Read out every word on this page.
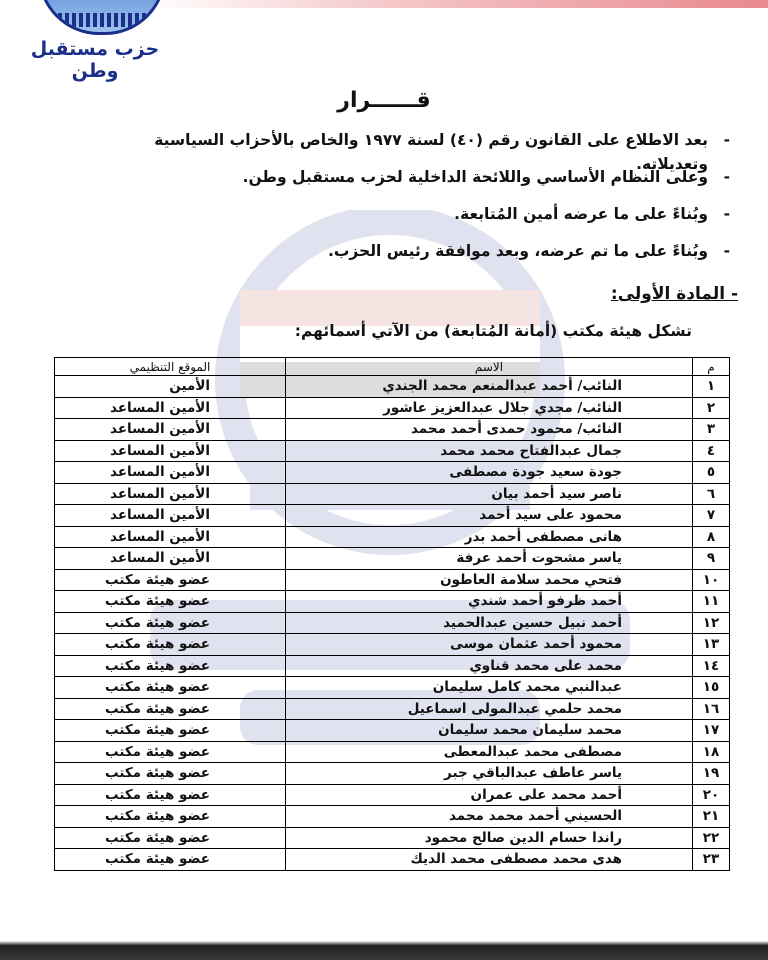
حزب مستقبل وطن
قــــــرار
-
بعد الاطلاع على القانون رقم (٤٠) لسنة ١٩٧٧ والخاص بالأحزاب السياسية وتعديلاته.
-
وعلى النظام الأساسي واللائحة الداخلية لحزب مستقبل وطن.
-
وبُناءً على ما عرضه أمين المُتابعة.
-
وبُناءً على ما تم عرضه، وبعد موافقة رئيس الحزب.
- المادة الأولى:
تشكل هيئة مكتب (أمانة المُتابعة) من الآتي أسمائهم:
م	الاسم	الموقع التنظيمي
١	النائب/ أحمد عبدالمنعم محمد الجندي	الأمين
٢	النائب/ مجدي جلال عبدالعزيز عاشور	الأمين المساعد
٣	النائب/ محمود حمدى أحمد محمد	الأمين المساعد
٤	جمال عبدالفتاح محمد محمد	الأمين المساعد
٥	جودة سعيد جودة مصطفى	الأمين المساعد
٦	ناصر سيد أحمد بيان	الأمين المساعد
٧	محمود على سيد أحمد	الأمين المساعد
٨	هانى مصطفى أحمد بدر	الأمين المساعد
٩	ياسر مشحوت أحمد عرفة	الأمين المساعد
١٠	فتحي محمد سلامة العاطون	عضو هيئة مكتب
١١	أحمد ظرفو أحمد شندي	عضو هيئة مكتب
١٢	أحمد نبيل حسين عبدالحميد	عضو هيئة مكتب
١٣	محمود أحمد عثمان موسى	عضو هيئة مكتب
١٤	محمد على محمد قناوي	عضو هيئة مكتب
١٥	عبدالنبي محمد كامل سليمان	عضو هيئة مكتب
١٦	محمد حلمي عبدالمولى اسماعيل	عضو هيئة مكتب
١٧	محمد سليمان محمد سليمان	عضو هيئة مكتب
١٨	مصطفى محمد عبدالمعطى	عضو هيئة مكتب
١٩	ياسر عاطف عبدالباقي جبر	عضو هيئة مكتب
٢٠	أحمد محمد على عمران	عضو هيئة مكتب
٢١	الحسيني أحمد محمد محمد	عضو هيئة مكتب
٢٢	راندا حسام الدين صالح محمود	عضو هيئة مكتب
٢٣	هدى محمد مصطفى محمد الديك	عضو هيئة مكتب
